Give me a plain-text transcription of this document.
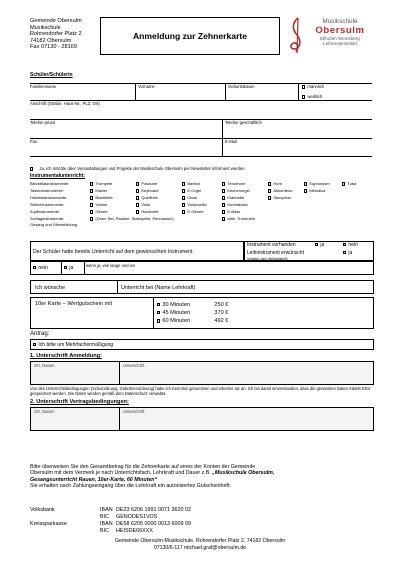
Gemeinde Obersulm
Musikschule
Rohrendorfer Platz 2
74182 Obersulm
Fax 07130 - 28169
Anmeldung zur Zehnerkarte
Musikschule
Obersulm
Ellhofen Weinsberg
Lehrensteinsfeld
Schüler/Schülerin
Familienname	Vorname	Geburtsdatum	männlich
weiblich
Anschrift (Straße, Haus-Nr., PLZ, Ort)
Telefon privat	Telefon geschäftlich
Fax	E-Mail
Ja, ich möchte über Veranstaltungen und Projekte der Musikschule Obersulm per Newsletter informiert werden.
Instrumentalunterricht:
Blechblasinstrumente:	Trompete	Posaune	Bariton	Tenorhorn	Horn	Euphonium	Tuba
Tasteninstrumente:	Klavier	Keyboard	E-Orgel	Kirchenorgel	Akkordeon	Melodica
Holzblasinstrumente:	Blockflöte	Querflöte	Oboe	Klarinette	Saxophon
Streichinstrumente:	Violine	Viola	Violoncello	Kontrabass
Zupfinstrumente:	Gitarre	Hackbrett	E-Gitarre	E-Bass
Schlaginstrumente:	(Drum Set, Pauken, Stabspiele, Percussion)	afrik. Trommeln
Gesang und Stimmbildung
Der Schüler hatte bereits Unterricht auf dem gewünschten Instrument
Instrument vorhanden	ja	nein
Leihinstrument erwünscht	ja
(möglich nach Verfügbarkeit)
nein	ja	wenn ja, wie lange und wo
Ich wünsche	Unterricht bei (Name Lehrkraft)
10er Karte – Wertgutschein mit	30 Minuten	250 €
45 Minuten	370 €
60 Minuten	492 €
Antrag:
Ich bitte um Mehrfachermäßigung
1. Unterschrift Anmeldung:
Ort, Datum	Unterschrift
Von den Unterrichtsbedingungen (Schulordnung, Gebührenordnung) habe ich Kenntnis genommen und erkenne sie an. Ich bin damit einverstanden, dass die genannten Daten mittels EDV gespeichert werden. Die Daten werden gemäß dem Datenschutz verwaltet.
2. Unterschrift Vertragsbedingungen:
Ort, Datum	Unterschrift
Bitte überweisen Sie den Gesamtbetrag für die Zehnerkarte auf eines der Konten der Gemeinde
Obersulm mit dem Vermerk je nach Unterrichtsfach, Lehrkraft und Dauer z.B. „Musikschule Obersulm,
Gesangsunterricht Rauen, 10er-Karte, 60 Minuten“
Sie erhalten nach Zahlungseingang über die Lehrkraft ein autorisiertes Gutscheinheft.
Volksbank	IBAN DE23 6206 1991 0071 3620 02
BIC	GENODES1VOS
Kreissparkasse	IBAN DE58 6205 0000 0013 6009 09
BIC	HEISDE66XXX
Gemeinde Obersulm-Musikschule, Rohrendorfer Platz 2, 74182 Obersulm
07130/6-117 michael.graf@obersulm.de
